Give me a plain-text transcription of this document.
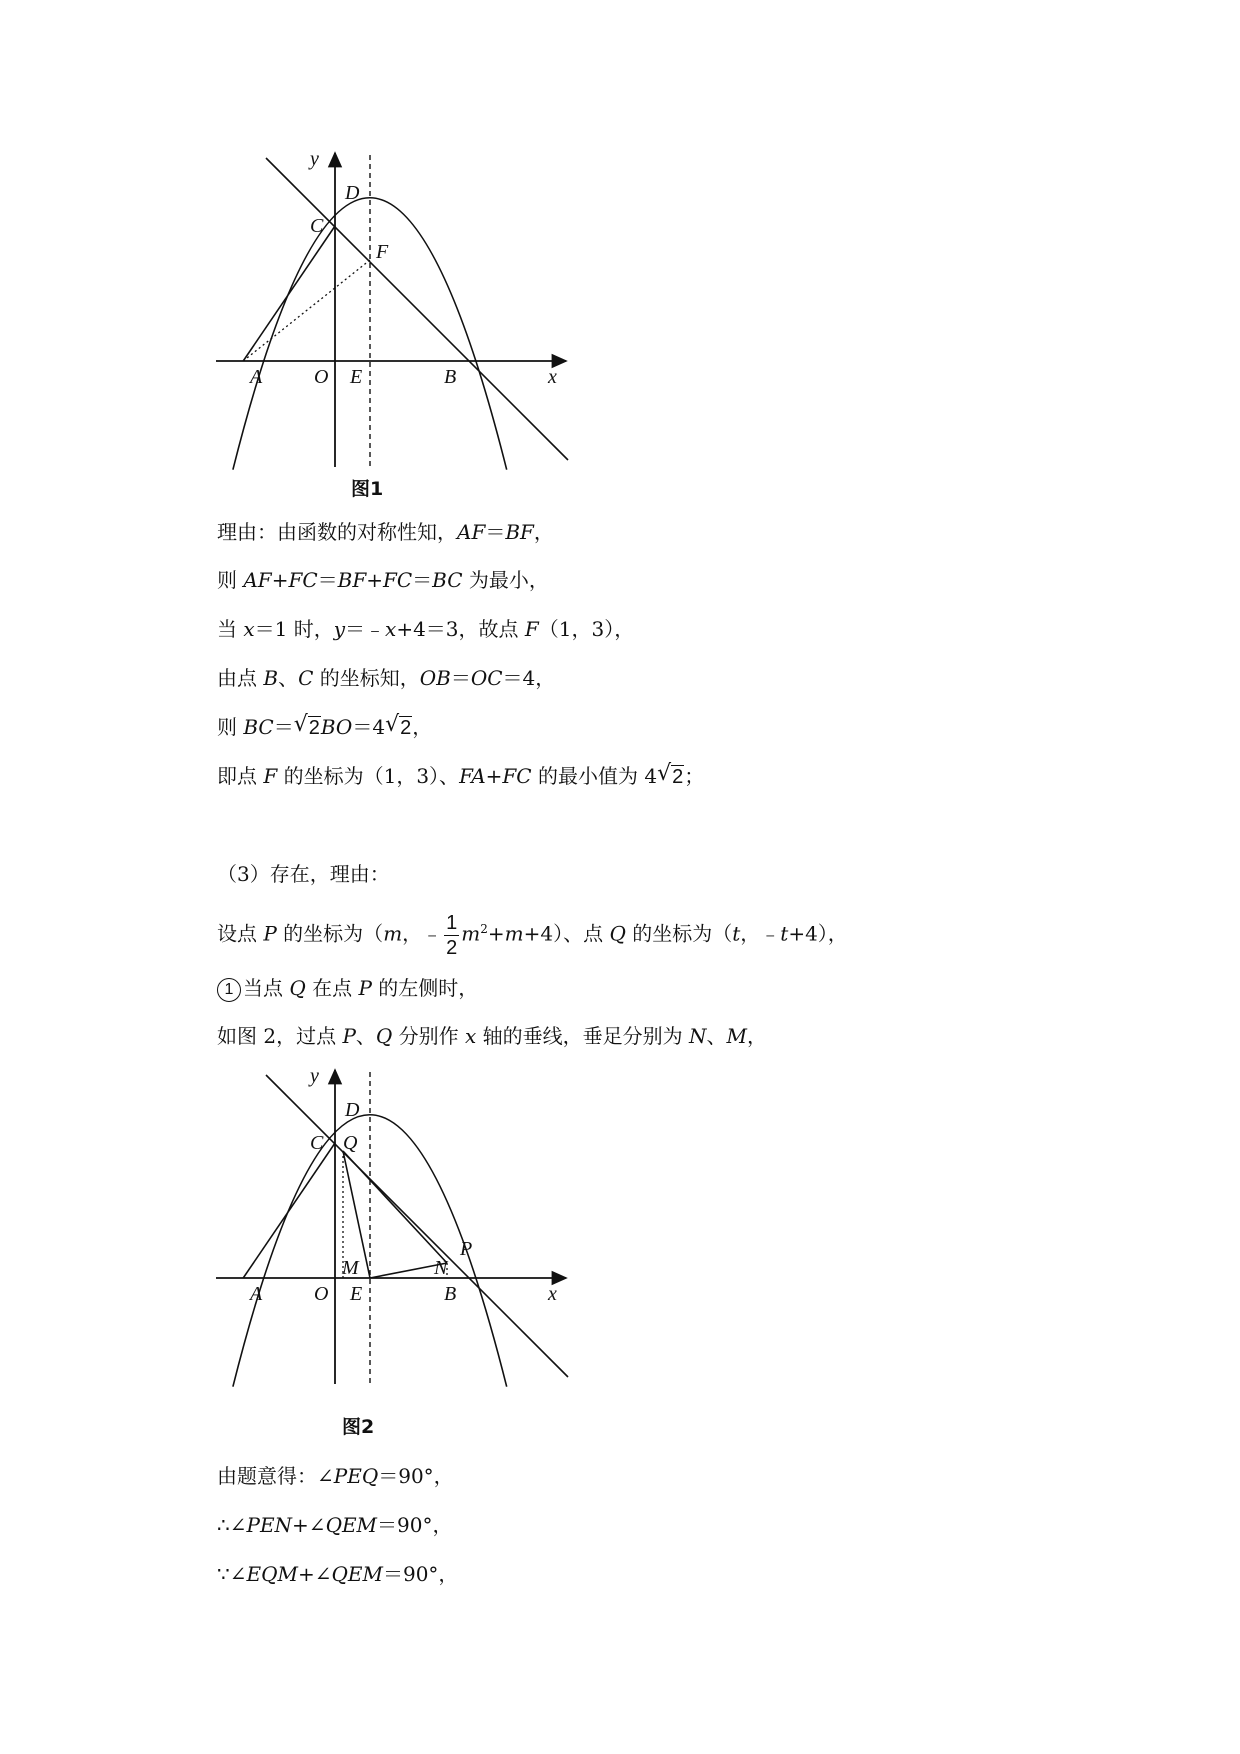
y
D
C
F
A	O E	B	x
图1
理由：由函数的对称性知，AF＝BF，
则 AF+FC＝BF+FC＝BC 为最小，
当 x＝1 时，y＝﹣x+4＝3，故点 F（1，3），
由点 B、C 的坐标知，OB＝OC＝4，
则 BC＝ √ 2BO＝4 √ 2，
即点 F 的坐标为（1，3）、FA+FC 的最小值为 4 √ 2；
（3）存在，理由：
设点 P 的坐标为（m，﹣ $\frac{1}{2} m^2+m+4$）、点 Q 的坐标为（t，﹣t+4），
1 当点 Q 在点 P 的左侧时，
如图 2，过点 P、Q 分别作 x 轴的垂线，垂足分别为 N、M，
y
D
C Q
P
M	N
A	O E	B	x
图2
由题意得：∠PEQ＝90°，
∴∠PEN+∠QEM＝90°，
∵∠EQM+∠QEM＝90°，
